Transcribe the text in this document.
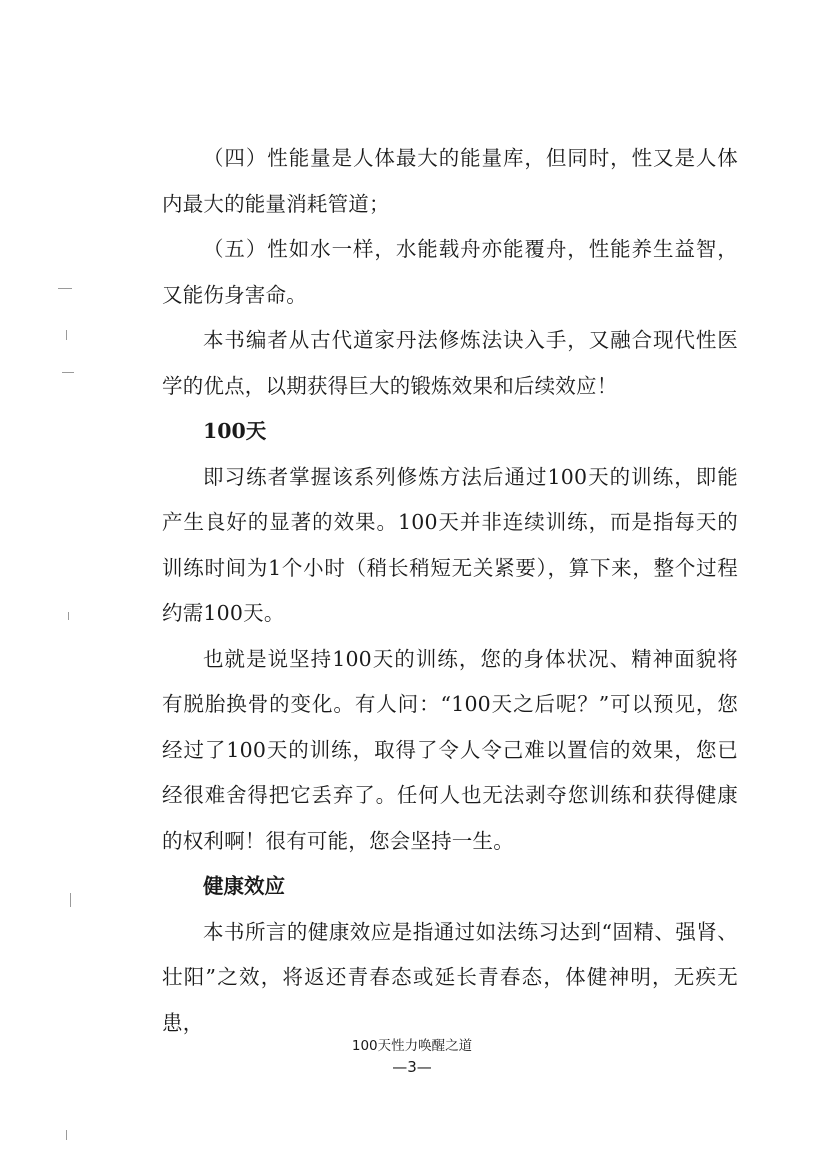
（四）性能量是人体最大的能量库，但同时，性又是人体内最大的能量消耗管道；

（五）性如水一样，水能载舟亦能覆舟，性能养生益智，又能伤身害命。

本书编者从古代道家丹法修炼法诀入手，又融合现代性医学的优点，以期获得巨大的锻炼效果和后续效应！

100天

即习练者掌握该系列修炼方法后通过100天的训练，即能产生良好的显著的效果。100天并非连续训练，而是指每天的训练时间为1个小时（稍长稍短无关紧要），算下来，整个过程约需100天。

也就是说坚持100天的训练，您的身体状况、精神面貌将有脱胎换骨的变化。有人问：“100天之后呢？”可以预见，您经过了100天的训练，取得了令人令己难以置信的效果，您已经很难舍得把它丢弃了。任何人也无法剥夺您训练和获得健康的权利啊！很有可能，您会坚持一生。

健康效应

本书所言的健康效应是指通过如法练习达到“固精、强肾、壮阳”之效，将返还青春态或延长青春态，体健神明，无疾无患，

100天性力唤醒之道
—3—
